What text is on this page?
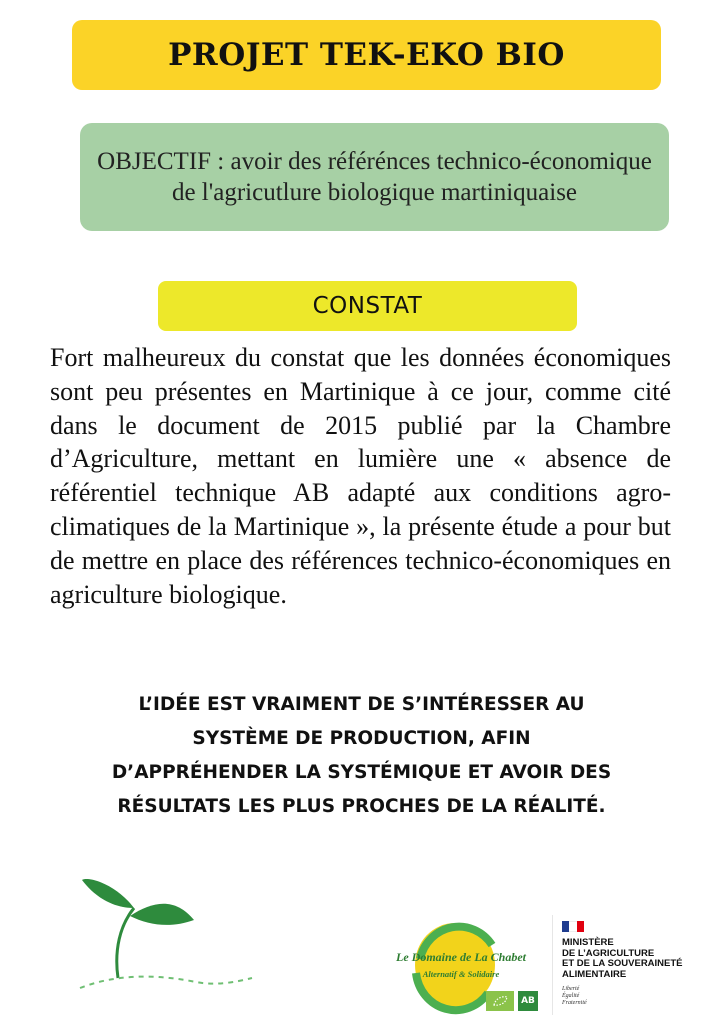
PROJET TEK-EKO BIO

OBJECTIF : avoir des référénces technico-économique de l'agricutlure biologique martiniquaise

CONSTAT

Fort malheureux du constat que les données économiques sont peu présentes en Martinique à ce jour, comme cité dans le document de 2015 publié par la Chambre d’Agriculture, mettant en lumière une « absence de référentiel technique AB adapté aux conditions agro-climatiques de la Martinique », la présente étude a pour but de mettre en place des références technico-économiques en agriculture biologique.

L’IDÉE EST VRAIMENT DE S’INTÉRESSER AU
SYSTÈME DE PRODUCTION, AFIN
D’APPRÉHENDER LA SYSTÉMIQUE ET AVOIR DES
RÉSULTATS LES PLUS PROCHES DE LA RÉALITÉ.
Le Domaine de La Chabet
Alternatif & Solidaire
AB
MINISTÈRE
DE L’AGRICULTURE
ET DE LA SOUVERAINETÉ
ALIMENTAIRE
Liberté
Égalité
Fraternité
